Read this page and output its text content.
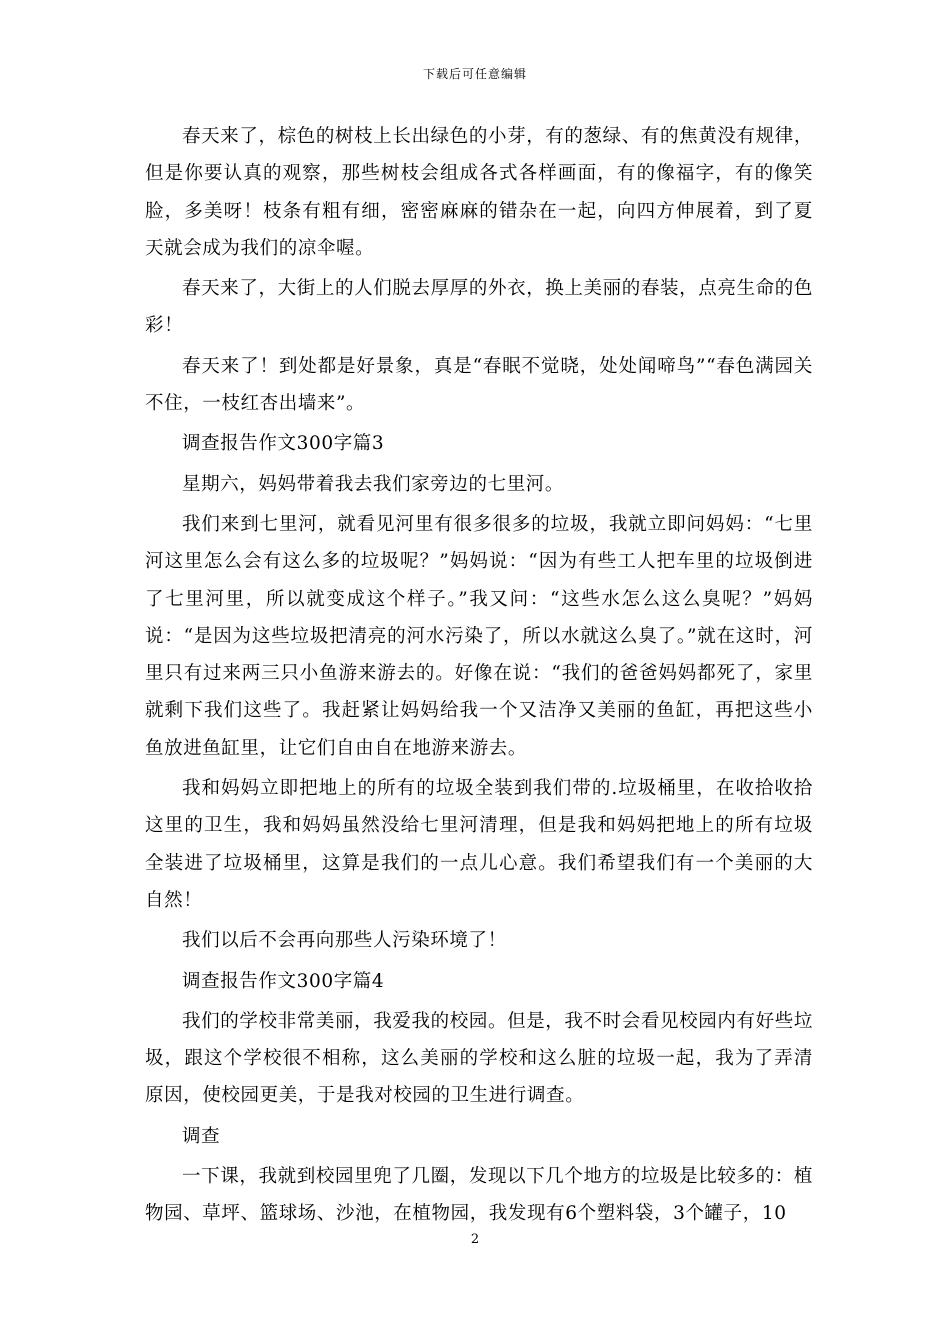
下载后可任意编辑

春天来了，棕色的树枝上长出绿色的小芽，有的葱绿、有的焦黄没有规律，但是你要认真的观察，那些树枝会组成各式各样画面，有的像福字，有的像笑脸，多美呀！枝条有粗有细，密密麻麻的错杂在一起，向四方伸展着，到了夏天就会成为我们的凉伞喔。

春天来了，大街上的人们脱去厚厚的外衣，换上美丽的春装，点亮生命的色彩！

春天来了！到处都是好景象，真是“春眠不觉晓，处处闻啼鸟”“春色满园关不住，一枝红杏出墙来”。

调查报告作文300字篇3

星期六，妈妈带着我去我们家旁边的七里河。

我们来到七里河，就看见河里有很多很多的垃圾，我就立即问妈妈：“七里河这里怎么会有这么多的垃圾呢？”妈妈说：“因为有些工人把车里的垃圾倒进了七里河里，所以就变成这个样子。”我又问：“这些水怎么这么臭呢？”妈妈说：“是因为这些垃圾把清亮的河水污染了，所以水就这么臭了。”就在这时，河里只有过来两三只小鱼游来游去的。好像在说：“我们的爸爸妈妈都死了，家里就剩下我们这些了。我赶紧让妈妈给我一个又洁净又美丽的鱼缸，再把这些小鱼放进鱼缸里，让它们自由自在地游来游去。

我和妈妈立即把地上的所有的垃圾全装到我们带的.垃圾桶里，在收拾收拾这里的卫生，我和妈妈虽然没给七里河清理，但是我和妈妈把地上的所有垃圾全装进了垃圾桶里，这算是我们的一点儿心意。我们希望我们有一个美丽的大自然！

我们以后不会再向那些人污染环境了！

调查报告作文300字篇4

我们的学校非常美丽，我爱我的校园。但是，我不时会看见校园内有好些垃圾，跟这个学校很不相称，这么美丽的学校和这么脏的垃圾一起，我为了弄清原因，使校园更美，于是我对校园的卫生进行调查。

调查

一下课，我就到校园里兜了几圈，发现以下几个地方的垃圾是比较多的：植物园、草坪、篮球场、沙池，在植物园，我发现有6个塑料袋，3个罐子，10

2
